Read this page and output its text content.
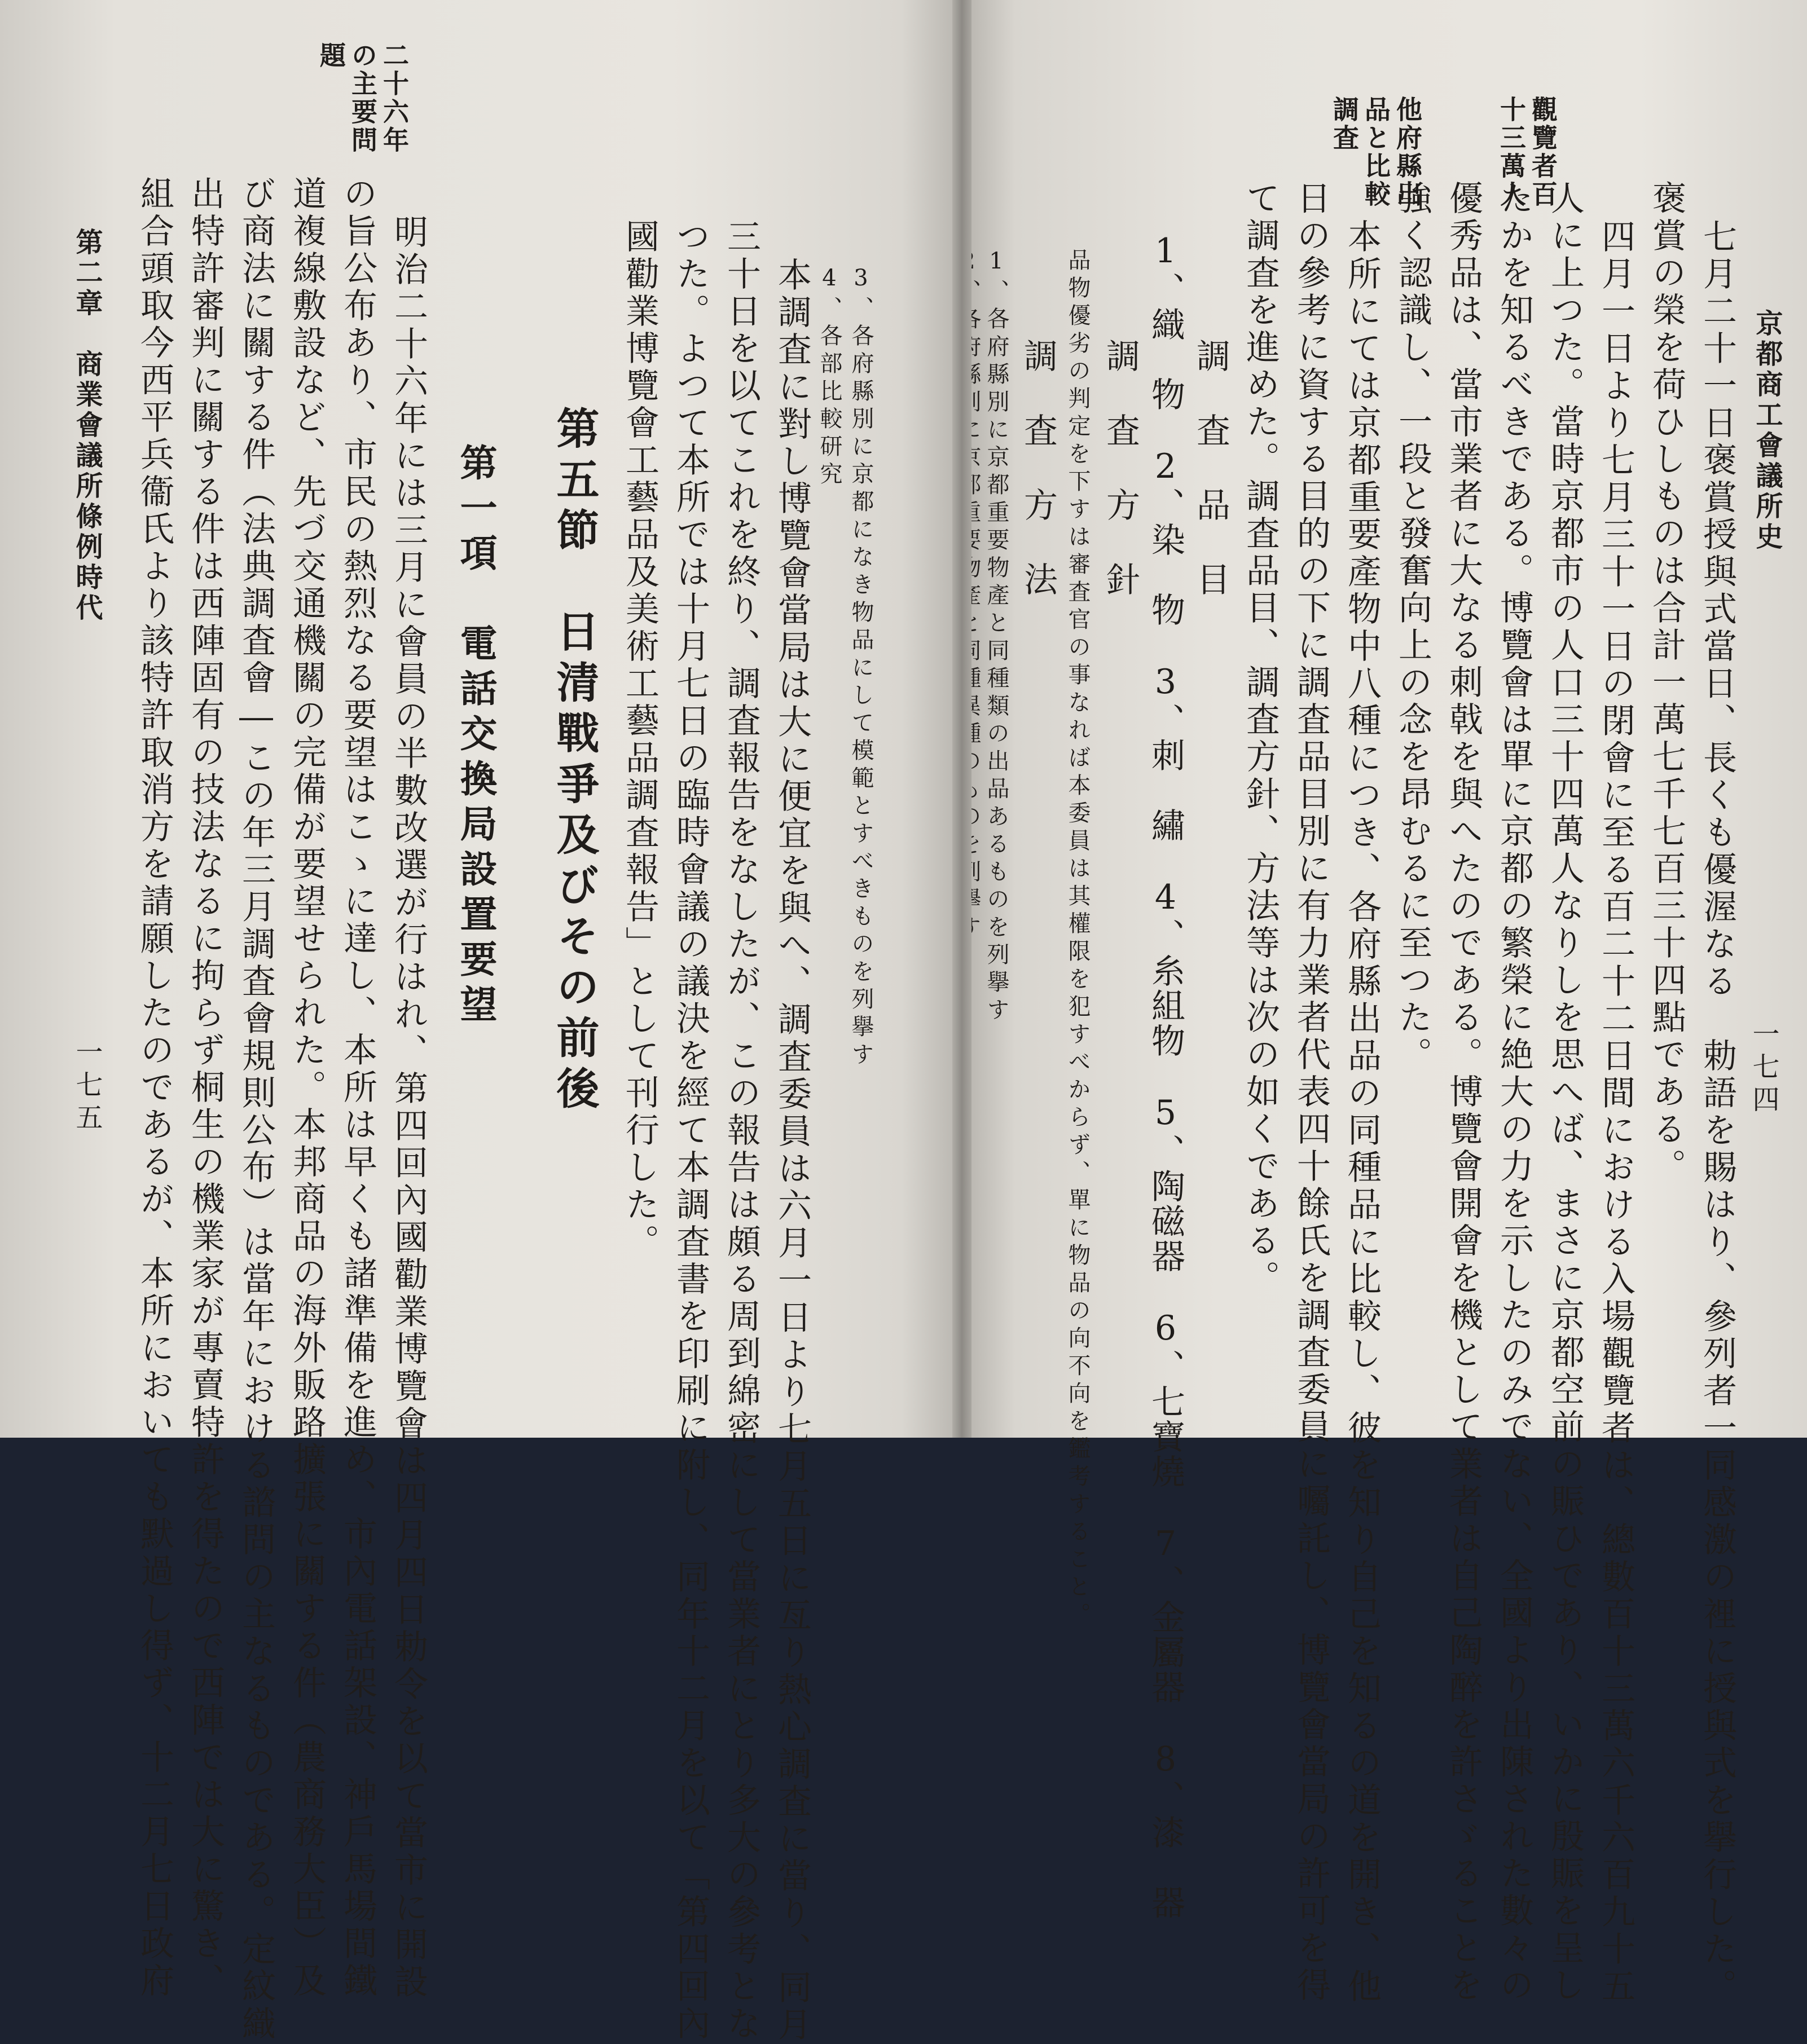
京都商工會議所史
一七四
觀覽者百
十三萬人
他府縣出
品と比較
調査
七月二十一日褒賞授與式當日、長くも優渥なる　勅語を賜はり、參列者一同感激の裡に授與式を擧行した。
褒賞の榮を荷ひしものは合計一萬七千七百三十四點である。
四月一日より七月三十一日の閉會に至る百二十二日間における入場觀覽者は、總數百十三萬六千六百九十五
人に上つた。當時京都市の人口三十四萬人なりしを思へば、まさに京都空前の賑ひであり、いかに殷賑を呈し
たかを知るべきである。博覽會は單に京都の繁榮に絶大の力を示したのみでない、全國より出陳された數々の
優秀品は、當市業者に大なる刺戟を與へたのである。博覽會開會を機として業者は自己陶醉を許さゞることを
強く認識し、一段と發奮向上の念を昂むるに至つた。
本所にては京都重要產物中八種につき、各府縣出品の同種品に比較し、彼を知り自己を知るの道を開き、他
日の參考に資する目的の下に調査品目別に有力業者代表四十餘氏を調査委員に囑託し、博覽會當局の許可を得
て調査を進めた。調査品目、調査方針、方法等は次の如くである。
調　査　品　目
1、織　物　2、染　物　3、刺　繡　4、糸組物　5、陶磁器　6、七寶燒　7、金屬器　8、漆　器
調　査　方　針
品物優劣の判定を下すは審査官の事なれば本委員は其權限を犯すべからず、單に物品の向不向を鑑考すること。
調　査　方　法
1、各府縣別に京都重要物產と同種類の出品あるものを列擧す
3、各府縣別に京都になき物品にして模範とすべきものを列擧す
4、各部比較研究
本調査に對し博覽會當局は大に便宜を與へ、調査委員は六月一日より七月五日に亙り熱心調査に當り、同月
三十日を以てこれを終り、調査報告をなしたが、この報告は頗る周到綿密にして當業者にとり多大の參考とな
つた。よつて本所では十月七日の臨時會議の議決を經て本調査書を印刷に附し、同年十二月を以て「第四回內
國勸業博覽會工藝品及美術工藝品調査報告」として刊行した。
第五節　日清戰爭及びその前後
第一項　電話交換局設置要望
二十六年
の主要問
題
明治二十六年には三月に會員の半數改選が行はれ、第四回內國勸業博覽會は四月四日勅令を以て當市に開設
の旨公布あり、市民の熱烈なる要望はこゝに達し、本所は早くも諸準備を進め、市內電話架設、神戶馬場間鐵
道複線敷設など、先づ交通機關の完備が要望せられた。本邦商品の海外販路擴張に關する件（農商務大臣）及
び商法に關する件（法典調査會―この年三月調査會規則公布）は當年における諮問の主なるものである。定紋織
出特許審判に關する件は西陣固有の技法なるに拘らず桐生の機業家が專賣特許を得たので西陣では大に驚き、
組合頭取今西平兵衞氏より該特許取消方を請願したのであるが、本所においても默過し得ず、十二月七日政府
第二章　商業會議所條例時代
一七五
